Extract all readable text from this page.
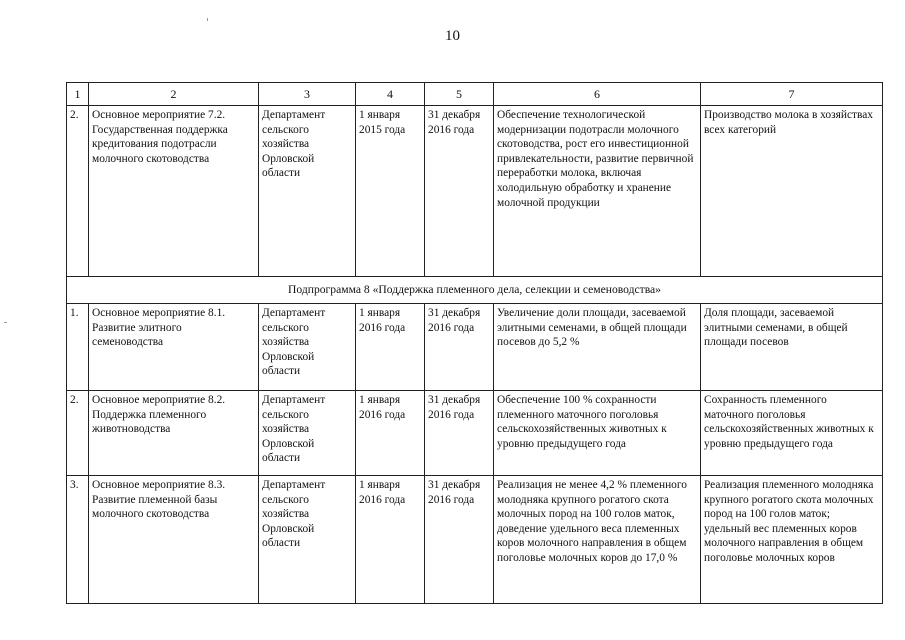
10
1	2	3	4	5	6	7
2.	Основное мероприятие 7.2. Государственная поддержка кредитования подотрасли молочного скотоводства	Департамент сельского хозяйства Орловской области	1 января 2015 года	31 декабря 2016 года	Обеспечение технологической модернизации подотрасли молочного скотоводства, рост его инвестиционной привлекательности, развитие первичной переработки молока, включая холодильную обработку и хранение молочной продукции	Производство молока в хозяйствах всех категорий
Подпрограмма 8 «Поддержка племенного дела, селекции и семеноводства»						
1.	Основное мероприятие 8.1. Развитие элитного семеноводства	Департамент сельского хозяйства Орловской области	1 января 2016 года	31 декабря 2016 года	Увеличение доли площади, засеваемой элитными семенами, в общей площади посевов до 5,2 %	Доля площади, засеваемой элитными семенами, в общей площади посевов
2.	Основное мероприятие 8.2. Поддержка племенного животноводства	Департамент сельского хозяйства Орловской области	1 января 2016 года	31 декабря 2016 года	Обеспечение 100 % сохранности племенного маточного поголовья сельскохозяйственных животных к уровню предыдущего года	Сохранность племенного маточного поголовья сельскохозяйственных животных к уровню предыдущего года
3.	Основное мероприятие 8.3. Развитие племенной базы молочного скотоводства	Департамент сельского хозяйства Орловской области	1 января 2016 года	31 декабря 2016 года	Реализация не менее 4,2 % племенного молодняка крупного рогатого скота молочных пород на 100 голов маток, доведение удельного веса племенных коров молочного направления в общем поголовье молочных коров до 17,0 %	Реализация племенного молодняка крупного рогатого скота молочных пород на 100 голов маток; удельный вес племенных коров молочного направления в общем поголовье молочных коров
